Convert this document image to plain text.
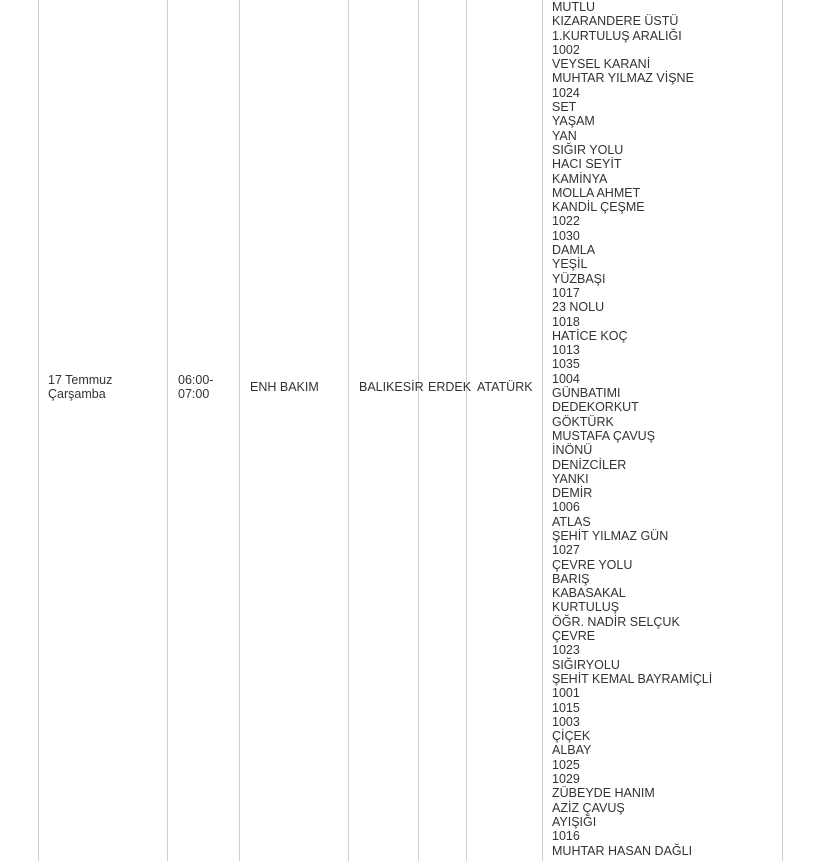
17 Temmuz
Çarşamba
06:00-
07:00
ENH BAKIM	BALIKESİR ERDEK ATATÜRK
MUTLU
KIZARANDERE ÜSTÜ
1.KURTULUŞ ARALIĞI
1002
VEYSEL KARANİ
MUHTAR YILMAZ VİŞNE
1024
SET
YAŞAM
YAN
SIĞIR YOLU
HACI SEYİT
KAMİNYA
MOLLA AHMET
KANDİL ÇEŞME
1022
1030
DAMLA
YEŞİL
YÜZBAŞI
1017
23 NOLU
1018
HATİCE KOÇ
1013
1035
1004
GÜNBATIMI
DEDEKORKUT
GÖKTÜRK
MUSTAFA ÇAVUŞ
İNÖNÜ
DENİZCİLER
YANKI
DEMİR
1006
ATLAS
ŞEHİT YILMAZ GÜN
1027
ÇEVRE YOLU
BARIŞ
KABASAKAL
KURTULUŞ
ÖĞR. NADİR SELÇUK
ÇEVRE
1023
SIĞIRYOLU
ŞEHİT KEMAL BAYRAMİÇLİ
1001
1015
1003
ÇİÇEK
ALBAY
1025
1029
ZÜBEYDE HANIM
AZİZ ÇAVUŞ
AYIŞIĞI
1016
MUHTAR HASAN DAĞLI
